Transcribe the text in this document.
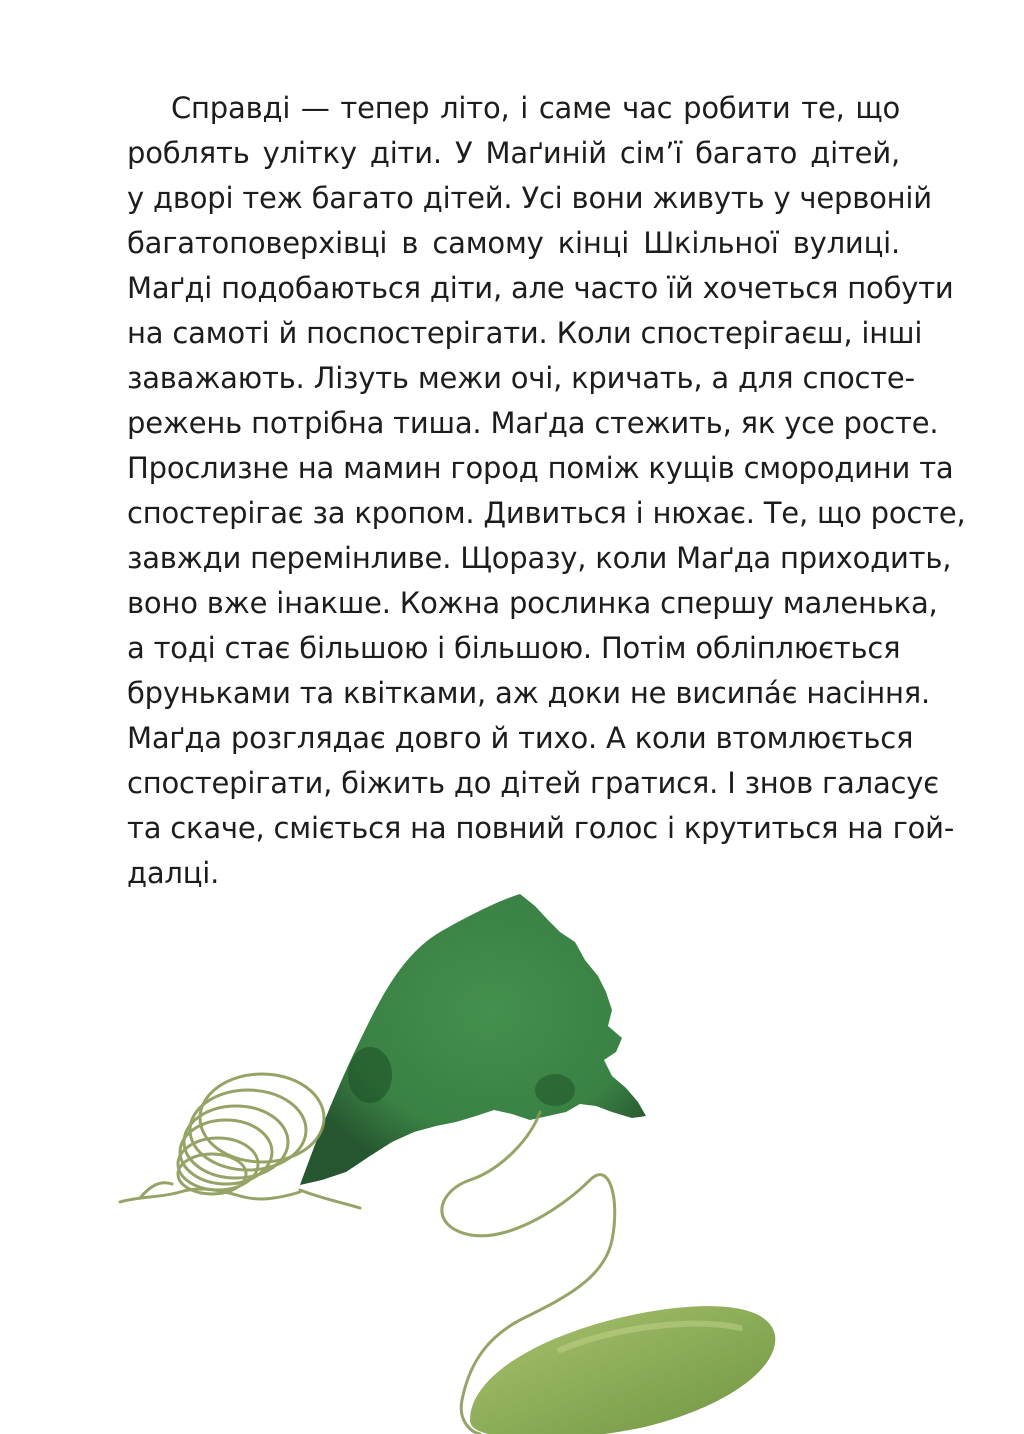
Справді — тепер літо, і саме час робити те, що
роблять улітку діти. У Маґиній сім’ї багато дітей,
у дворі теж багато дітей. Усі вони живуть у червоній
багатоповерхівці в самому кінці Шкільної вулиці.
Маґді подобаються діти, але часто їй хочеться побути
на самоті й поспостерігати. Коли спостерігаєш, інші
заважають. Лізуть межи очі, кричать, а для спосте-
режень потрібна тиша. Маґда стежить, як усе росте.
Прослизне на мамин город поміж кущів смородини та
спостерігає за кропом. Дивиться і нюхає. Те, що росте,
завжди перемінливе. Щоразу, коли Маґда приходить,
воно вже інакше. Кожна рослинка спершу маленька,
а тоді стає більшою і більшою. Потім обліплюється
бруньками та квітками, аж доки не висипáє насіння.
Маґда розглядає довго й тихо. А коли втомлюється
спостерігати, біжить до дітей гратися. І знов галасує
та скаче, сміється на повний голос і крутиться на гой-
далці.
